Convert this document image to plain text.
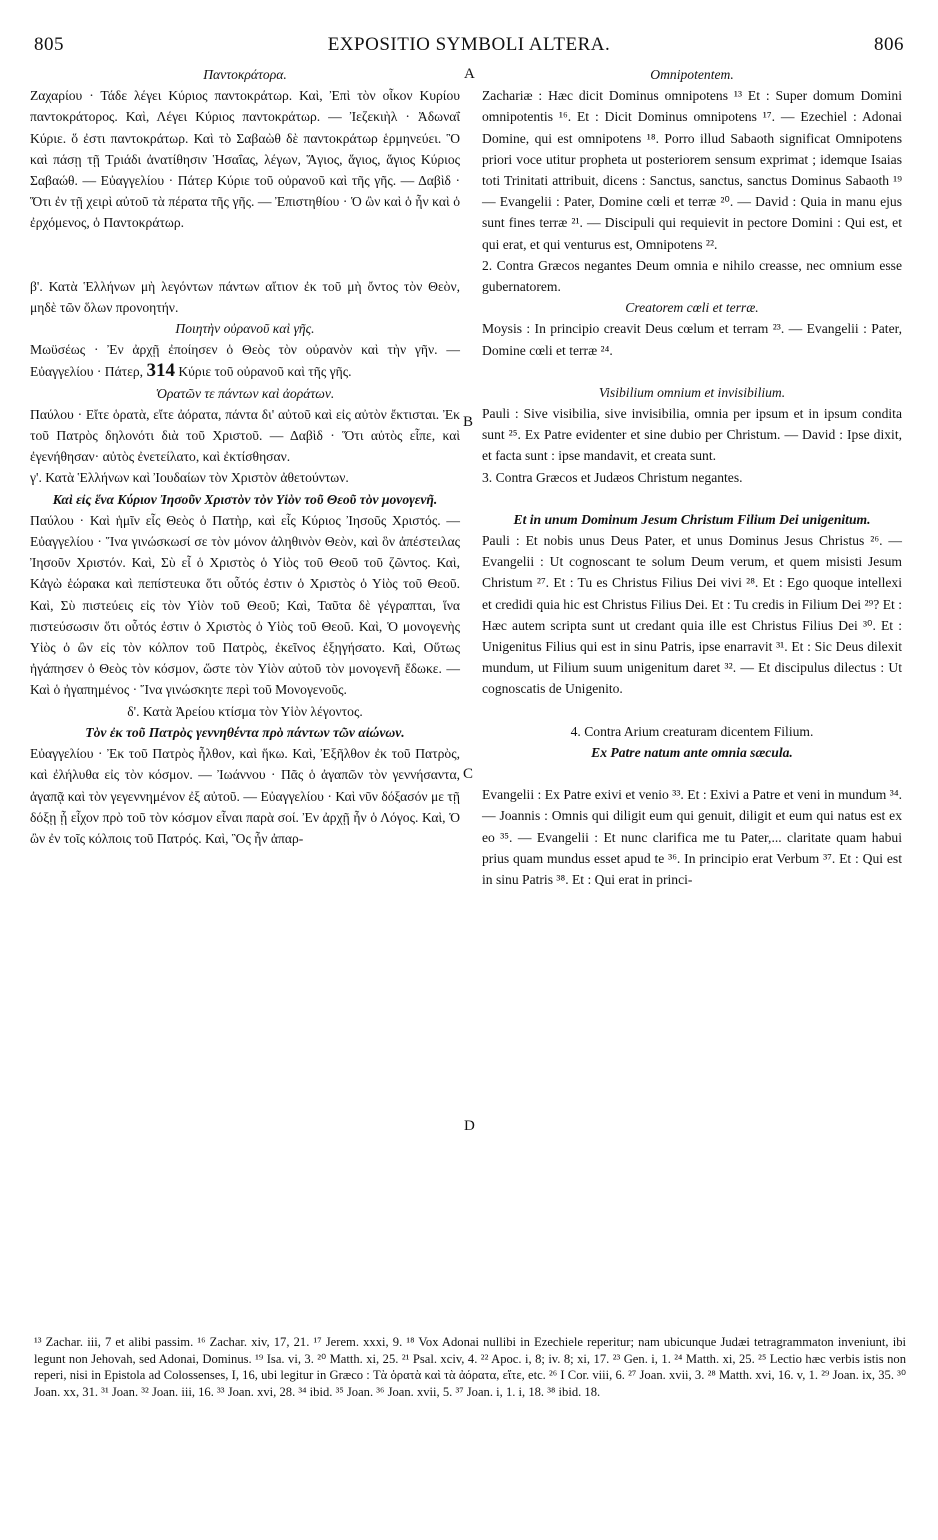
805	EXPOSITIO SYMBOLI ALTERA.	806
A
B
C
D

Παντοκράτορα.

Ζαχαρίου · Τάδε λέγει Κύριος παντοκράτωρ. Καὶ, Ἐπὶ τὸν οἶκον Κυρίου παντοκράτορος. Καὶ, Λέγει Κύριος παντοκράτωρ. — Ἰεζεκιὴλ · Ἀδωναΐ Κύριε. ὅ ἐστι παντοκράτωρ. Καὶ τὸ Σαβαὼθ δὲ παντοκράτωρ ἑρμηνεύει. Ὃ καὶ πάσῃ τῇ Τριάδι ἀνατίθησιν Ἡσαΐας, λέγων, Ἅγιος, ἅγιος, ἅγιος Κύριος Σαβαώθ. — Εὐαγγελίου · Πάτερ Κύριε τοῦ οὐρανοῦ καὶ τῆς γῆς. — Δαβὶδ · Ὅτι ἐν τῇ χειρὶ αὐτοῦ τὰ πέρατα τῆς γῆς. — Ἐπιστηθίου · Ὁ ὢν καὶ ὁ ἦν καὶ ὁ ἐρχόμενος, ὁ Παντοκράτωρ.

β'. Κατὰ Ἑλλήνων μὴ λεγόντων πάντων αἴτιον ἐκ τοῦ μὴ ὄντος τὸν Θεὸν, μηδὲ τῶν ὅλων προνοητήν.

Ποιητὴν οὐρανοῦ καὶ γῆς.

Μωϋσέως · Ἐν ἀρχῇ ἐποίησεν ὁ Θεὸς τὸν οὐρανὸν καὶ τὴν γῆν. — Εὐαγγελίου · Πάτερ, 314 Κύριε τοῦ οὐρανοῦ καὶ τῆς γῆς.

Ὁρατῶν τε πάντων καὶ ἀοράτων.

Παύλου · Εἴτε ὁρατὰ, εἴτε ἀόρατα, πάντα δι' αὐτοῦ καὶ εἰς αὐτὸν ἔκτισται. Ἐκ τοῦ Πατρὸς δηλονότι διὰ τοῦ Χριστοῦ. — Δαβὶδ · Ὅτι αὐτὸς εἶπε, καὶ ἐγενήθησαν· αὐτὸς ἐνετείλατο, καὶ ἐκτίσθησαν.

γ'. Κατὰ Ἑλλήνων καὶ Ἰουδαίων τὸν Χριστὸν ἀθετούντων.

Καὶ εἰς ἕνα Κύριον Ἰησοῦν Χριστὸν τὸν Υἱὸν τοῦ Θεοῦ τὸν μονογενῆ.

Παύλου · Καὶ ἡμῖν εἷς Θεὸς ὁ Πατὴρ, καὶ εἷς Κύριος Ἰησοῦς Χριστός. — Εὐαγγελίου · Ἵνα γινώσκωσί σε τὸν μόνον ἀληθινὸν Θεὸν, καὶ ὃν ἀπέστειλας Ἰησοῦν Χριστόν. Καὶ, Σὺ εἶ ὁ Χριστὸς ὁ Υἱὸς τοῦ Θεοῦ τοῦ ζῶντος. Καὶ, Κἀγὼ ἑώρακα καὶ πεπίστευκα ὅτι οὗτός ἐστιν ὁ Χριστὸς ὁ Υἱὸς τοῦ Θεοῦ. Καὶ, Σὺ πιστεύεις εἰς τὸν Υἱὸν τοῦ Θεοῦ; Καὶ, Ταῦτα δὲ γέγραπται, ἵνα πιστεύσωσιν ὅτι οὗτός ἐστιν ὁ Χριστὸς ὁ Υἱὸς τοῦ Θεοῦ. Καὶ, Ὁ μονογενὴς Υἱὸς ὁ ὢν εἰς τὸν κόλπον τοῦ Πατρὸς, ἐκεῖνος ἐξηγήσατο. Καὶ, Οὕτως ἠγάπησεν ὁ Θεὸς τὸν κόσμον, ὥστε τὸν Υἱὸν αὐτοῦ τὸν μονογενῆ ἔδωκε. — Καὶ ὁ ἠγαπημένος · Ἵνα γινώσκητε περὶ τοῦ Μονογενοῦς.

δ'. Κατὰ Ἀρείου κτίσμα τὸν Υἱὸν λέγοντος.

Τὸν ἐκ τοῦ Πατρὸς γεννηθέντα πρὸ πάντων τῶν αἰώνων.

Εὐαγγελίου · Ἐκ τοῦ Πατρὸς ἦλθον, καὶ ἥκω. Καὶ, Ἐξῆλθον ἐκ τοῦ Πατρὸς, καὶ ἐλήλυθα εἰς τὸν κόσμον. — Ἰωάννου · Πᾶς ὁ ἀγαπῶν τὸν γεννήσαντα, ἀγαπᾷ καὶ τὸν γεγεννημένον ἐξ αὐτοῦ. — Εὐαγγελίου · Καὶ νῦν δόξασόν με τῇ δόξῃ ᾗ εἶχον πρὸ τοῦ τὸν κόσμον εἶναι παρὰ σοί. Ἐν ἀρχῇ ἦν ὁ Λόγος. Καὶ, Ὁ ὢν ἐν τοῖς κόλποις τοῦ Πατρός. Καὶ, Ὃς ἦν ἀπαρ-

Omnipotentem.

Zachariæ : Hæc dicit Dominus omnipotens ¹³ Et : Super domum Domini omnipotentis ¹⁶. Et : Dicit Dominus omnipotens ¹⁷. — Ezechiel : Adonai Domine, qui est omnipotens ¹⁸. Porro illud Sabaoth significat Omnipotens priori voce utitur propheta ut posteriorem sensum exprimat ; idemque Isaias toti Trinitati attribuit, dicens : Sanctus, sanctus, sanctus Dominus Sabaoth ¹⁹ — Evangelii : Pater, Domine cœli et terræ ²⁰. — David : Quia in manu ejus sunt fines terræ ²¹. — Discipuli qui requievit in pectore Domini : Qui est, et qui erat, et qui venturus est, Omnipotens ²².

2. Contra Græcos negantes Deum omnia e nihilo creasse, nec omnium esse gubernatorem.

Creatorem cœli et terræ.

Moysis : In principio creavit Deus cœlum et terram ²³. — Evangelii : Pater, Domine cœli et terræ ²⁴.

Visibilium omnium et invisibilium.

Pauli : Sive visibilia, sive invisibilia, omnia per ipsum et in ipsum condita sunt ²⁵. Ex Patre evidenter et sine dubio per Christum. — David : Ipse dixit, et facta sunt : ipse mandavit, et creata sunt.

3. Contra Græcos et Judæos Christum negantes.

Et in unum Dominum Jesum Christum Filium Dei unigenitum.

Pauli : Et nobis unus Deus Pater, et unus Dominus Jesus Christus ²⁶. — Evangelii : Ut cognoscant te solum Deum verum, et quem misisti Jesum Christum ²⁷. Et : Tu es Christus Filius Dei vivi ²⁸. Et : Ego quoque intellexi et credidi quia hic est Christus Filius Dei. Et : Tu credis in Filium Dei ²⁹? Et : Hæc autem scripta sunt ut credant quia ille est Christus Filius Dei ³⁰. Et : Unigenitus Filius qui est in sinu Patris, ipse enarravit ³¹. Et : Sic Deus dilexit mundum, ut Filium suum unigenitum daret ³². — Et discipulus dilectus : Ut cognoscatis de Unigenito.

4. Contra Arium creaturam dicentem Filium.

Ex Patre natum ante omnia sæcula.

Evangelii : Ex Patre exivi et venio ³³. Et : Exivi a Patre et veni in mundum ³⁴. — Joannis : Omnis qui diligit eum qui genuit, diligit et eum qui natus est ex eo ³⁵. — Evangelii : Et nunc clarifica me tu Pater,... claritate quam habui prius quam mundus esset apud te ³⁶. In principio erat Verbum ³⁷. Et : Qui est in sinu Patris ³⁸. Et : Qui erat in princi-

¹³ Zachar. iii, 7 et alibi passim. ¹⁶ Zachar. xiv, 17, 21. ¹⁷ Jerem. xxxi, 9. ¹⁸ Vox Adonai nullibi in Ezechiele reperitur; nam ubicunque Judæi tetragrammaton inveniunt, ibi legunt non Jehovah, sed Adonai, Dominus. ¹⁹ Isa. vi, 3. ²⁰ Matth. xi, 25. ²¹ Psal. xciv, 4. ²² Apoc. i, 8; iv. 8; xi, 17. ²³ Gen. i, 1. ²⁴ Matth. xi, 25. ²⁵ Lectio hæc verbis istis non reperi, nisi in Epistola ad Colossenses, I, 16, ubi legitur in Græco : Τὰ ὁρατὰ καὶ τὰ ἀόρατα, εἴτε, etc. ²⁶ I Cor. viii, 6. ²⁷ Joan. xvii, 3. ²⁸ Matth. xvi, 16. v, 1. ²⁹ Joan. ix, 35. ³⁰ Joan. xx, 31. ³¹ Joan. ³² Joan. iii, 16. ³³ Joan. xvi, 28. ³⁴ ibid. ³⁵ Joan. ³⁶ Joan. xvii, 5. ³⁷ Joan. i, 1. i, 18. ³⁸ ibid. 18.
